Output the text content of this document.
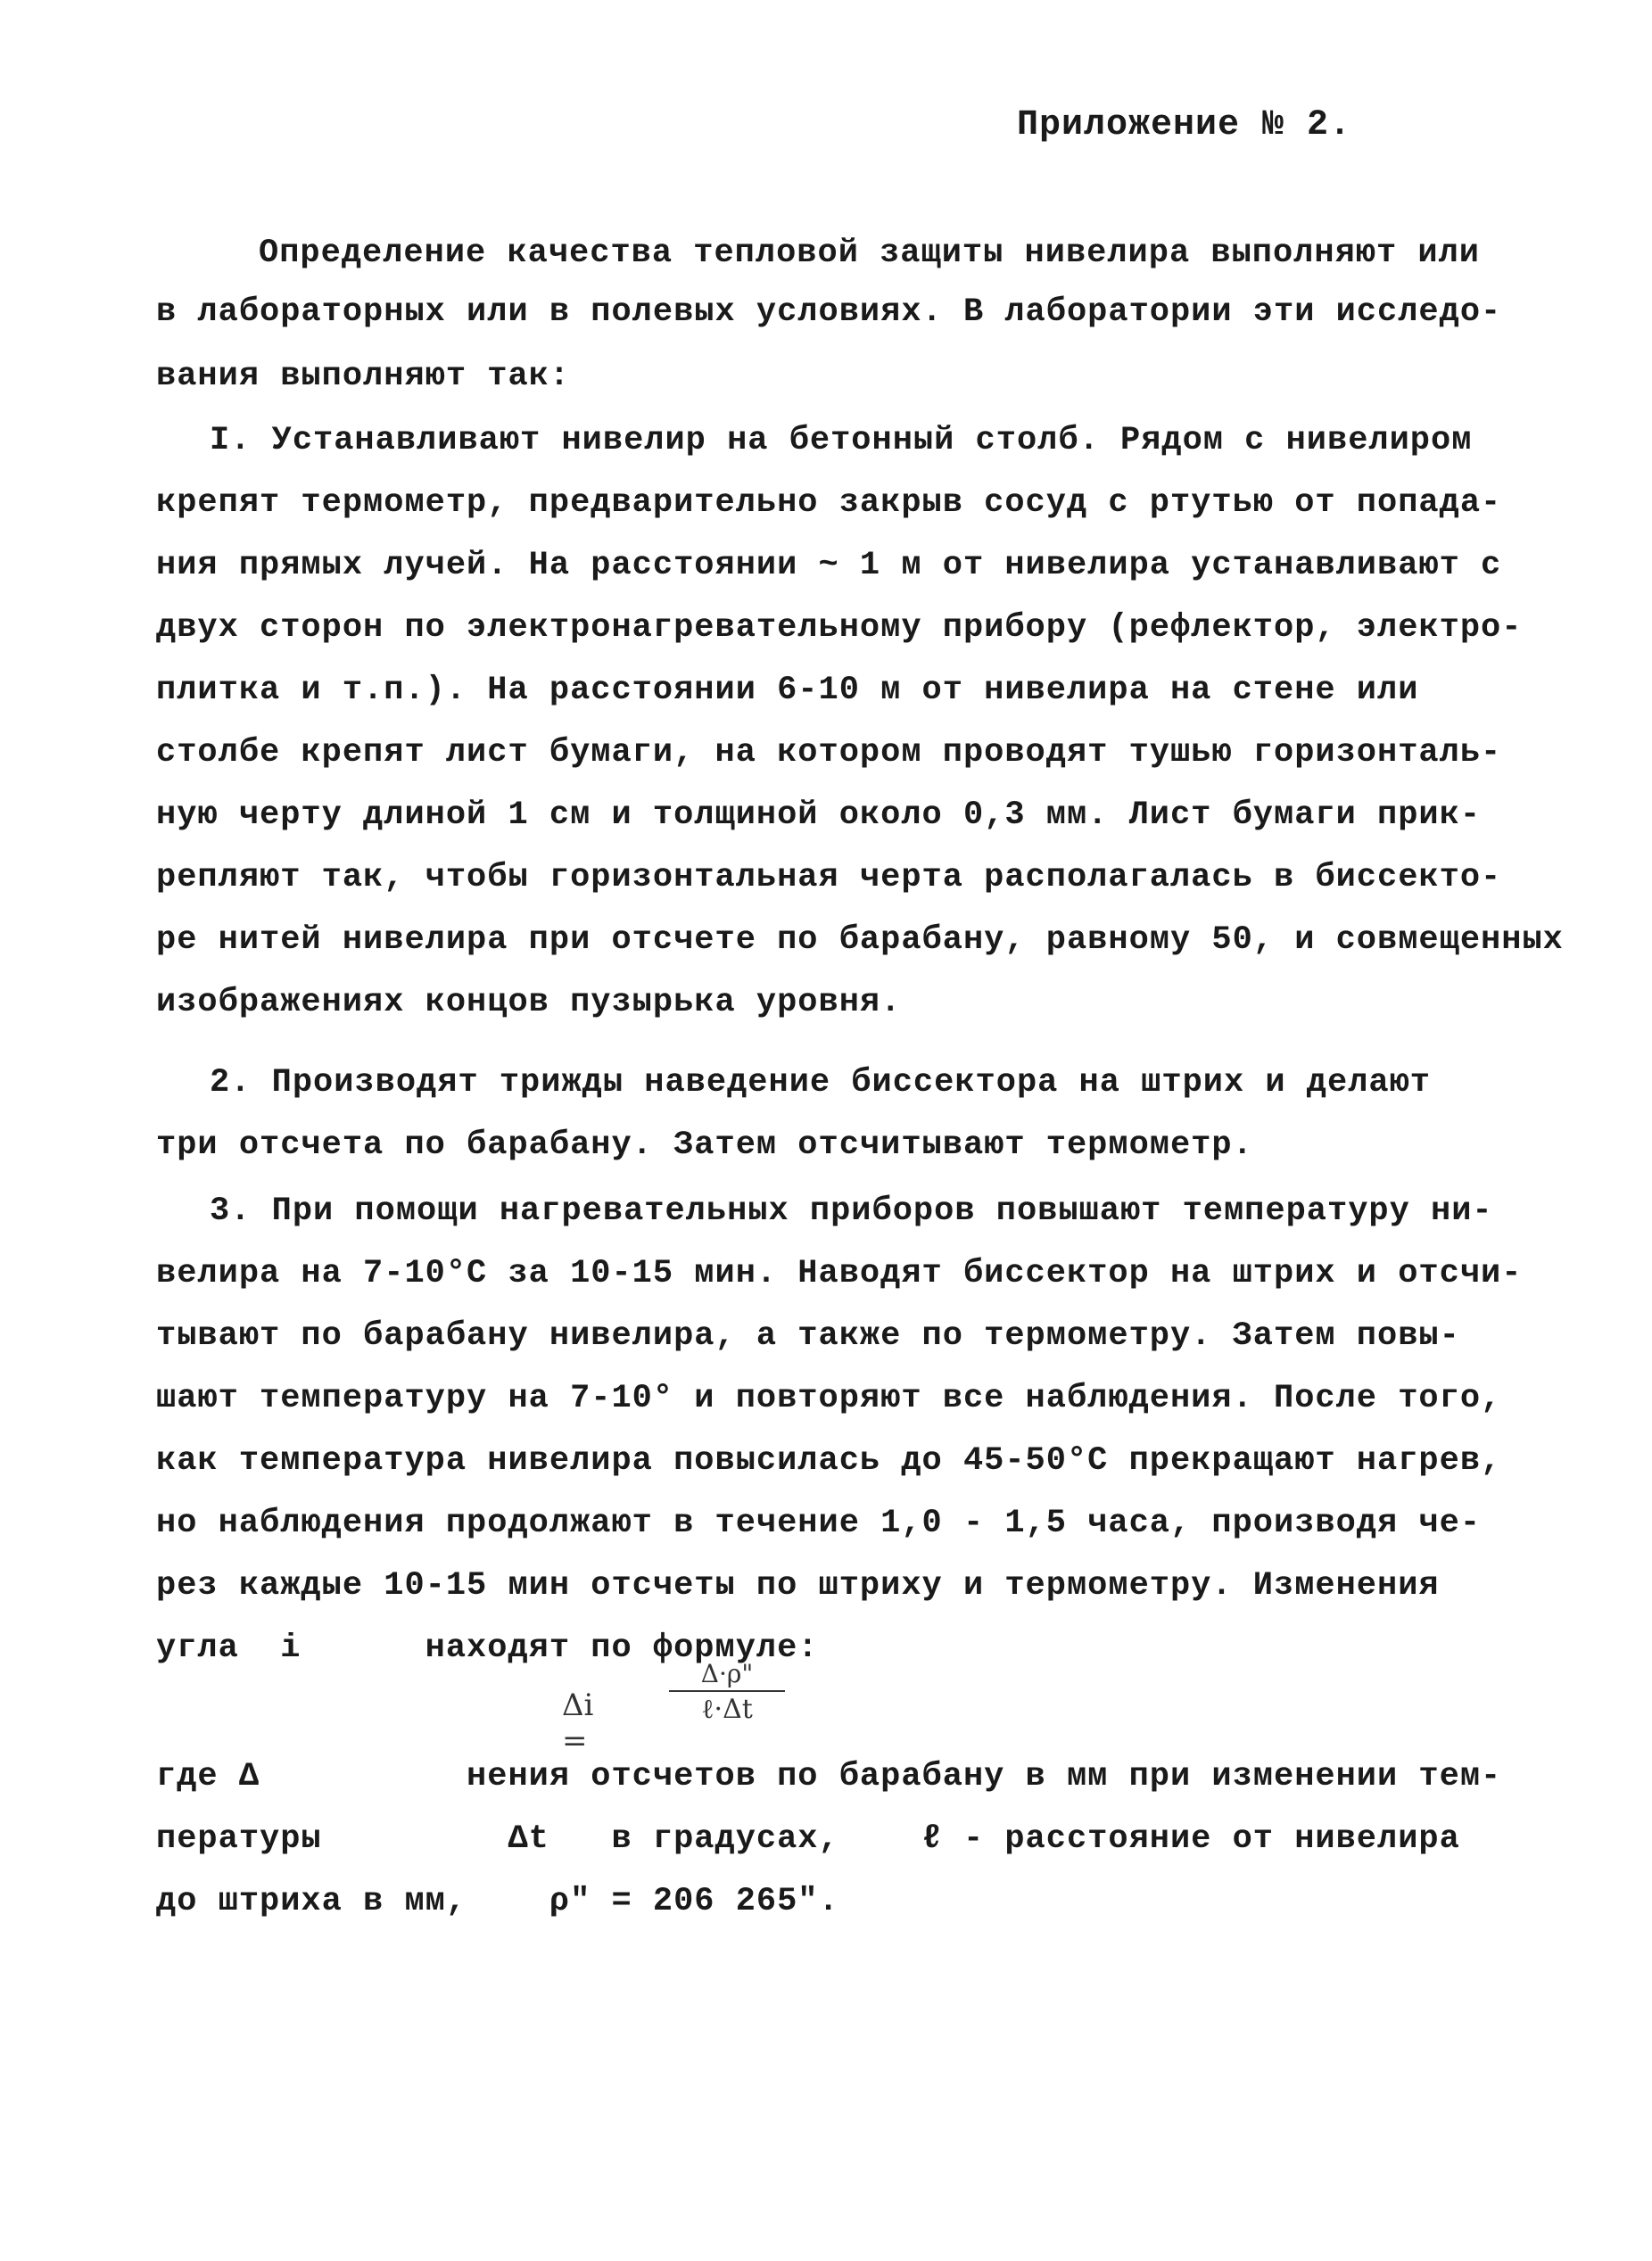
Приложение № 2.
Определение качества тепловой защиты нивелира выполняют или
в лабораторных или в полевых условиях. В лаборатории эти исследо-
вания выполняют так:
I. Устанавливают нивелир на бетонный столб. Рядом с нивелиром
крепят термометр, предварительно закрыв сосуд с ртутью от попада-
ния прямых лучей. На расстоянии ~ 1 м от нивелира устанавливают с
двух сторон по электронагревательному прибору (рефлектор, электро-
плитка и т.п.). На расстоянии 6-10 м от нивелира на стене или
столбе крепят лист бумаги, на котором проводят тушью горизонталь-
ную черту длиной 1 см и толщиной около 0,3 мм. Лист бумаги прик-
репляют так, чтобы горизонтальная черта располагалась в биссекто-
ре нитей нивелира при отсчете по барабану, равному 50, и совмещенных
изображениях концов пузырька уровня.
2. Производят трижды наведение биссектора на штрих и делают
три отсчета по барабану. Затем отсчитывают термометр.
3. При помощи нагревательных приборов повышают температуру ни-
велира на 7-10°С за 10-15 мин. Наводят биссектор на штрих и отсчи-
тывают по барабану нивелира, а также по термометру. Затем повы-
шают температуру на 7-10° и повторяют все наблюдения. После того,
как температура нивелира повысилась до 45-50°С прекращают нагрев,
но наблюдения продолжают в течение 1,0 - 1,5 часа, производя че-
рез каждые 10-15 мин отсчеты по штриху и термометру. Изменения
угла  i      находят по формуле:
Δi =
Δ·ρ"
ℓ·Δt
где Δ          нения отсчетов по барабану в мм при изменении тем-
пературы         Δt   в градусах,    ℓ - расстояние от нивелира
до штриха в мм,    ρ" = 206 265".
